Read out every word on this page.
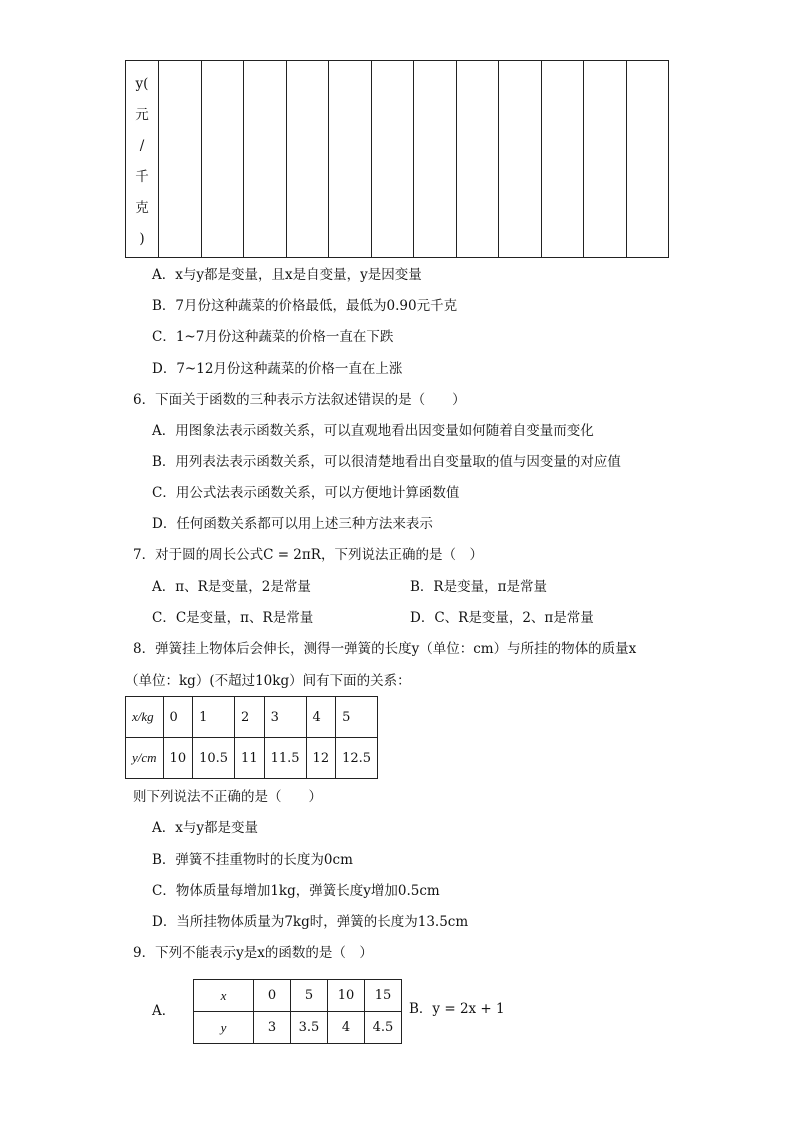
y(
元
/
千
克
)

A．x与y都是变量，且x是自变量，y是因变量
B．7月份这种蔬菜的价格最低，最低为0.90元千克
C．1~7月份这种蔬菜的价格一直在下跌
D．7~12月份这种蔬菜的价格一直在上涨
6．下面关于函数的三种表示方法叙述错误的是（　　）
A．用图象法表示函数关系，可以直观地看出因变量如何随着自变量而变化
B．用列表法表示函数关系，可以很清楚地看出自变量取的值与因变量的对应值
C．用公式法表示函数关系，可以方便地计算函数值
D．任何函数关系都可以用上述三种方法来表示
7．对于圆的周长公式C = 2πR，下列说法正确的是（　）
A．π、R是变量，2是常量	B．R是变量，π是常量
C．C是变量，π、R是常量	D．C、R是变量，2、π是常量
8．弹簧挂上物体后会伸长，测得一弹簧的长度y（单位：cm）与所挂的物体的质量x
（单位：kg）(不超过10kg）间有下面的关系：
x/kg	0	1	2	3	4	5
y/cm	10	10.5	11	11.5	12	12.5
则下列说法不正确的是（　　）
A．x与y都是变量
B．弹簧不挂重物时的长度为0cm
C．物体质量每增加1kg，弹簧长度y增加0.5cm
D．当所挂物体质量为7kg时，弹簧的长度为13.5cm
9．下列不能表示y是x的函数的是（　）
A．
x	0	5	10	15
y	3	3.5	4	4.5
B．y = 2x + 1
